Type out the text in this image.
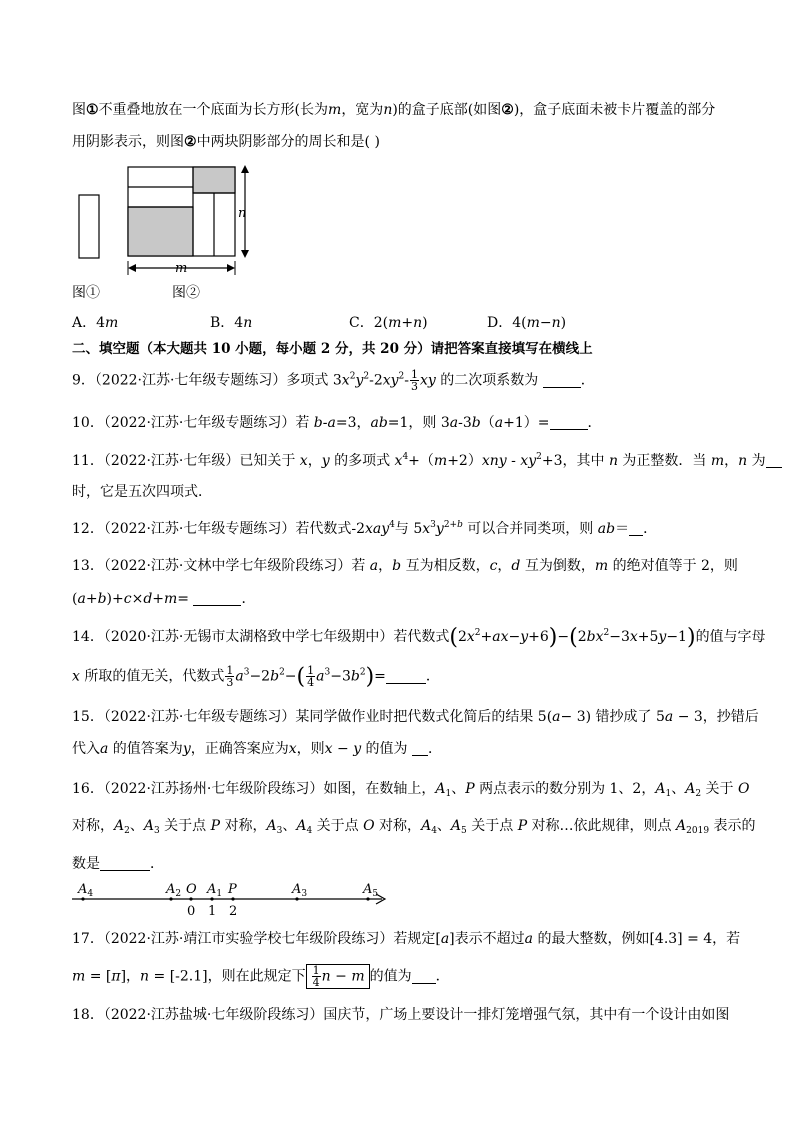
图①不重叠地放在一个底面为长方形(长为m，宽为n)的盒子底部(如图②)，盒子底面未被卡片覆盖的部分
用阴影表示，则图②中两块阴影部分的周长和是( )
n
m
图①	图②
A．4m	B．4n	C．2(m+n)	D．4(m−n)
二、填空题（本大题共 10 小题，每小题 2 分，共 20 分）请把答案直接填写在横线上
9．（2022·江苏·七年级专题练习）多项式 $3x^2y^2-2xy^2- \frac{1}{3}$ xy 的二次项系数为	．
10．（2022·江苏·七年级专题练习）若 b-a=3，ab=1，则 3a-3b（a+1）=	．
11．（2022·江苏·七年级）已知关于 x，y 的多项式 $x^4+(m+2)xny - xy^2+3$，其中 n 为正整数．当 m，n 为
时，它是五次四项式．
12．（2022·江苏·七年级专题练习）若代数式-2xay$^4$与 $5x^3y^{2+b}$ 可以合并同类项，则 ab＝ ．
13．（2022·江苏·文林中学七年级阶段练习）若 a，b 互为相反数，c，d 互为倒数，m 的绝对值等于 2，则
(a+b)+c×d+m=	．
14．（2020·江苏·无锡市太湖格致中学七年级期中）若代数式$(2x^2+ax-y+6)-(2bx^2-3x+5y-1)$的值与字母
x 所取的值无关，代数式 $\frac{1}{3} a^3-2b^2-( \frac{1}{4} a^3-3b^2)=$	．
15．（2022·江苏·七年级专题练习）某同学做作业时把代数式化简后的结果 5(a− 3) 错抄成了 5a − 3，抄错后
代入a 的值答案为y，正确答案应为x，则x − y 的值为 ．
16．（2022·江苏扬州·七年级阶段练习）如图，在数轴上，$A_1$、P 两点表示的数分别为 1、2，$A_1$、$A_2$ 关于 O
对称，$A_2$、$A_3$ 关于点 P 对称，$A_3$、$A_4$ 关于点 O 对称，$A_4$、$A_5$ 关于点 P 对称…依此规律，则点 $A_{2019}$ 表示的
数是	．
$A_4$	$A_2$ O $A_1$ P	$A_3$	$A_5$
0 1 2
17．（2022·江苏·靖江市实验学校七年级阶段练习）若规定[a]表示不超过a 的最大整数，例如[4.3] = 4，若
m = [π]，n = [-2.1]，则在此规定下 $\frac{1}{4}$ n − m 的值为 ．
18．（2022·江苏盐城·七年级阶段练习）国庆节，广场上要设计一排灯笼增强气氛，其中有一个设计由如图
